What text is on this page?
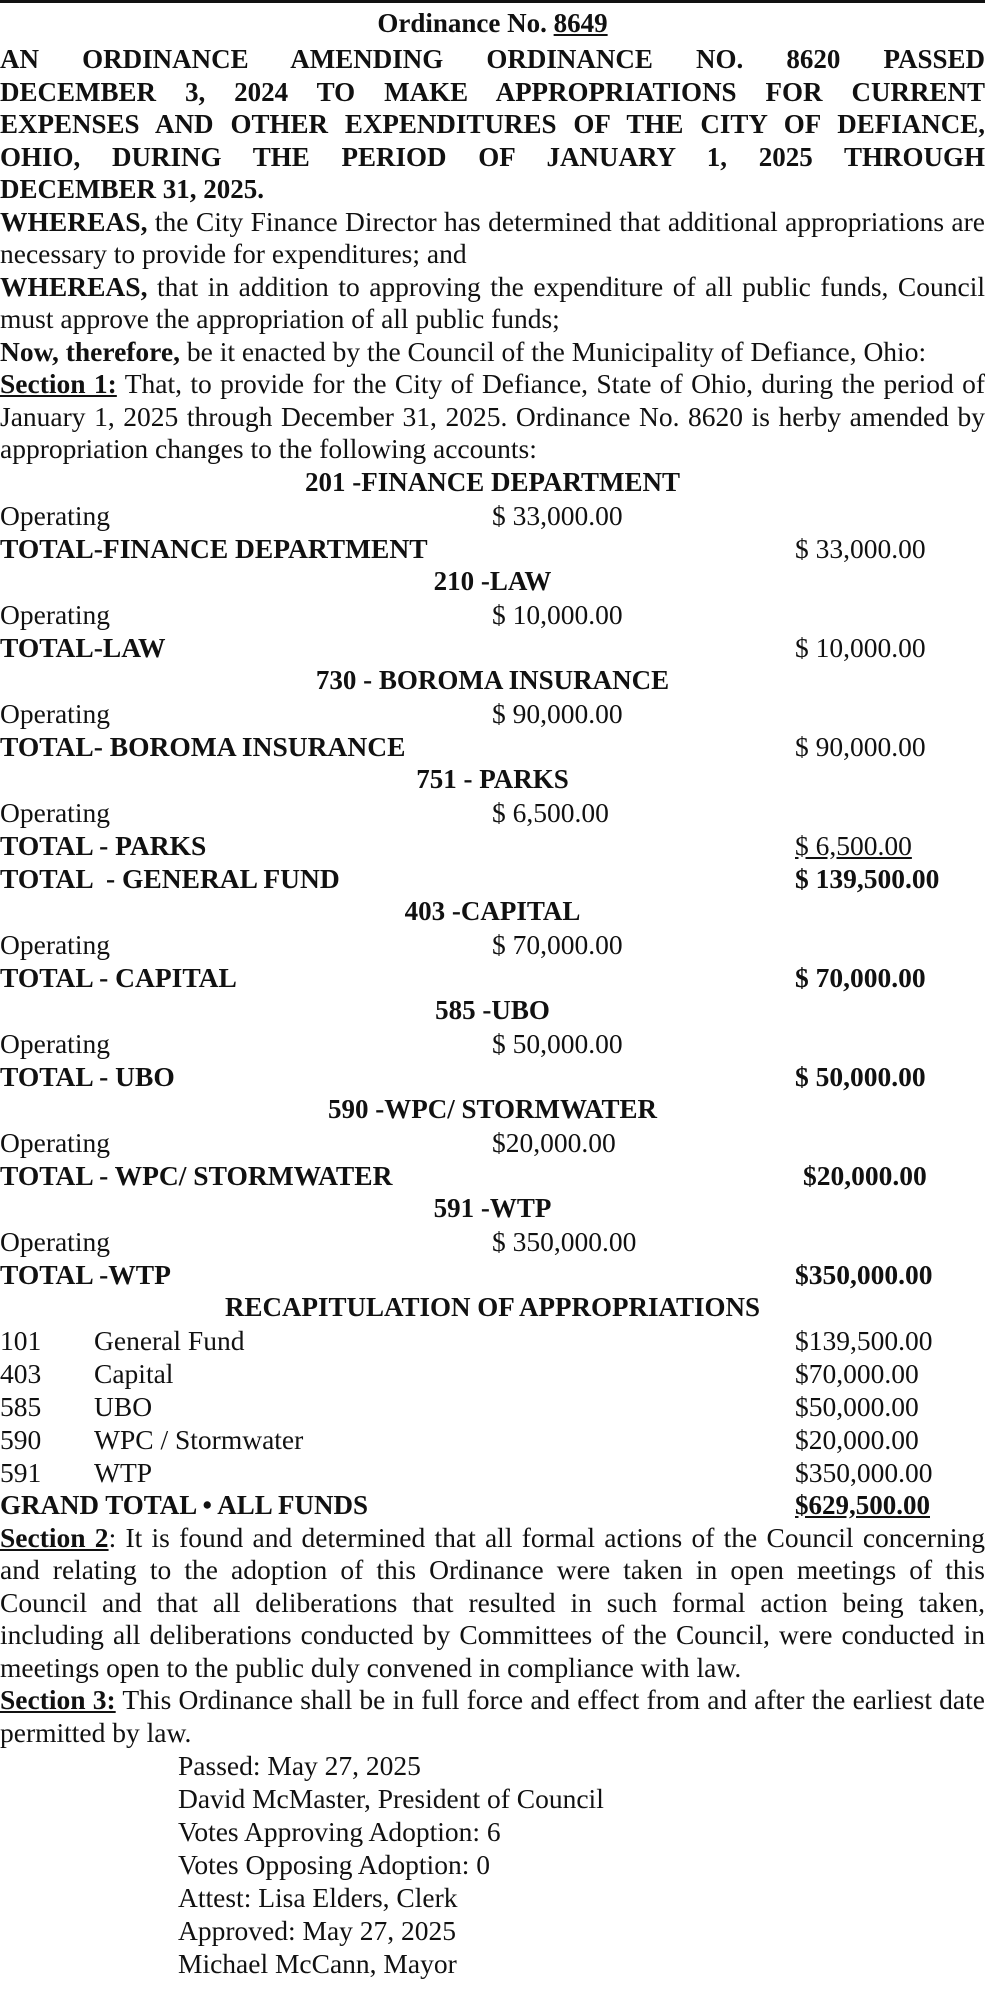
Ordinance No. 8649
AN ORDINANCE AMENDING ORDINANCE NO. 8620 PASSED
DECEMBER 3, 2024 TO MAKE APPROPRIATIONS FOR CURRENT
EXPENSES AND OTHER EXPENDITURES OF THE CITY OF DEFIANCE,
OHIO, DURING THE PERIOD OF JANUARY 1, 2025 THROUGH
DECEMBER 31, 2025.
WHEREAS, the City Finance Director has determined that additional appropriations are necessary to provide for expenditures; and
WHEREAS, that in addition to approving the expenditure of all public funds, Council must approve the appropriation of all public funds;
Now, therefore, be it enacted by the Council of the Municipality of Defiance, Ohio:
Section 1: That, to provide for the City of Defiance, State of Ohio, during the period of January 1, 2025 through December 31, 2025. Ordinance No. 8620 is herby amended by appropriation changes to the following accounts:
201 -FINANCE DEPARTMENT
Operating	$ 33,000.00
TOTAL-FINANCE DEPARTMENT	$ 33,000.00
210 -LAW
Operating	$ 10,000.00
TOTAL-LAW	$ 10,000.00
730 - BOROMA INSURANCE
Operating	$ 90,000.00
TOTAL- BOROMA INSURANCE	$ 90,000.00
751 - PARKS
Operating	$ 6,500.00
TOTAL - PARKS	$ 6,500.00
TOTAL  - GENERAL FUND	$ 139,500.00
403 -CAPITAL
Operating	$ 70,000.00
TOTAL - CAPITAL	$ 70,000.00
585 -UBO
Operating	$ 50,000.00
TOTAL - UBO	$ 50,000.00
590 -WPC/ STORMWATER
Operating	$20,000.00
TOTAL - WPC/ STORMWATER	$20,000.00
591 -WTP
Operating	$ 350,000.00
TOTAL -WTP	$350,000.00
RECAPITULATION OF APPROPRIATIONS
101 General Fund	$139,500.00
403 Capital	$70,000.00
585 UBO	$50,000.00
590 WPC / Stormwater	$20,000.00
591 WTP	$350,000.00
GRAND TOTAL • ALL FUNDS	$629,500.00
Section 2: It is found and determined that all formal actions of the Council concerning and relating to the adoption of this Ordinance were taken in open meetings of this Council and that all deliberations that resulted in such formal action being taken, including all deliberations conducted by Committees of the Council, were conducted in meetings open to the public duly convened in compliance with law.
Section 3: This Ordinance shall be in full force and effect from and after the earliest date permitted by law.
Passed: May 27, 2025
David McMaster, President of Council
Votes Approving Adoption: 6
Votes Opposing Adoption: 0
Attest: Lisa Elders, Clerk
Approved: May 27, 2025
Michael McCann, Mayor
